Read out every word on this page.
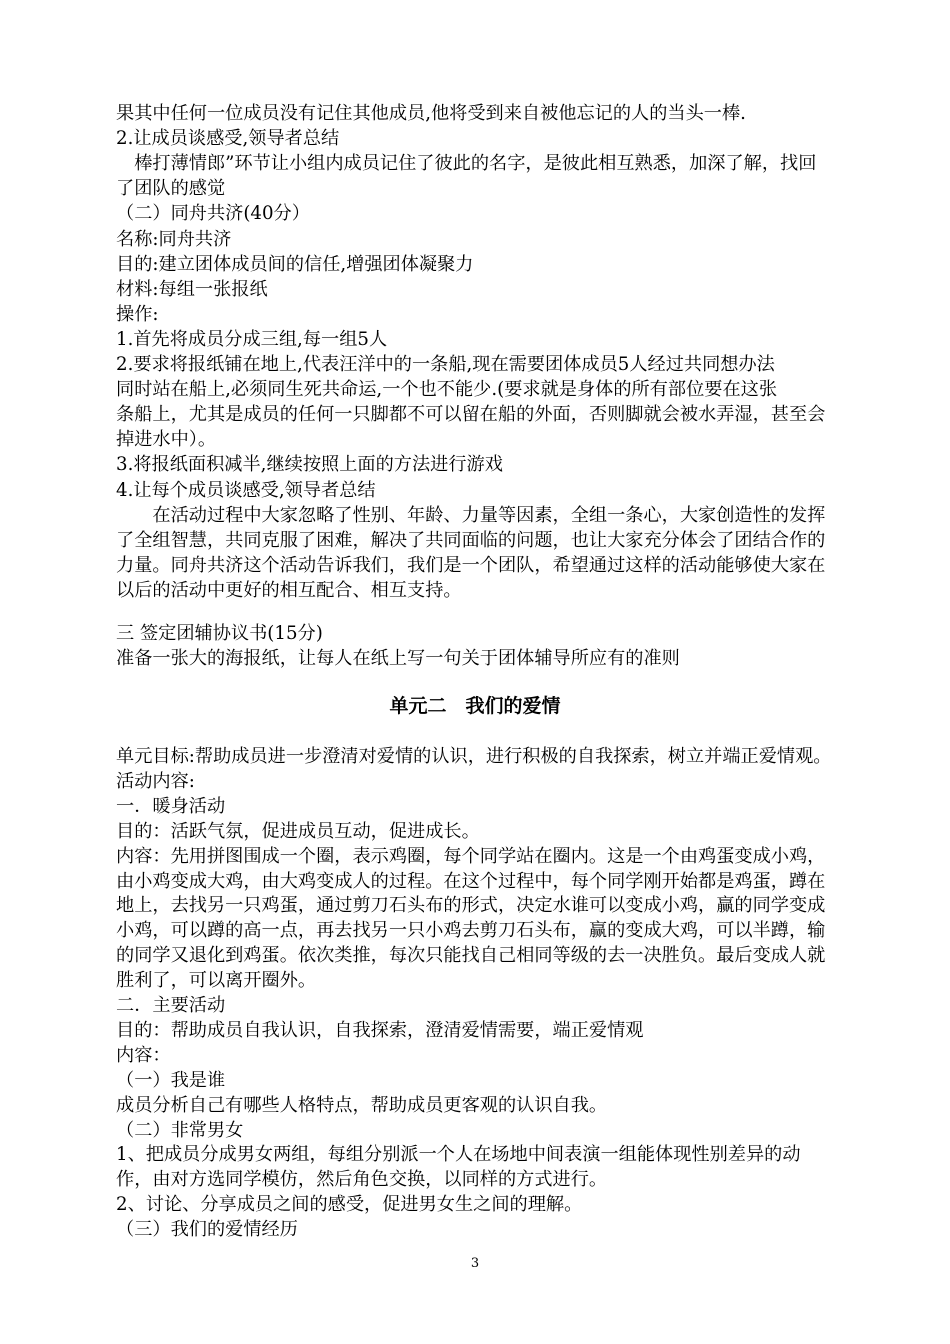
果其中任何一位成员没有记住其他成员,他将受到来自被他忘记的人的当头一棒.
2.让成员谈感受,领导者总结
　棒打薄情郎”环节让小组内成员记住了彼此的名字，是彼此相互熟悉，加深了解，找回
了团队的感觉
（二）同舟共济(40分）
名称:同舟共济
目的:建立团体成员间的信任,增强团体凝聚力
材料:每组一张报纸
操作:
1.首先将成员分成三组,每一组5人
2.要求将报纸铺在地上,代表汪洋中的一条船,现在需要团体成员5人经过共同想办法
同时站在船上,必须同生死共命运,一个也不能少.(要求就是身体的所有部位要在这张
条船上，尤其是成员的任何一只脚都不可以留在船的外面，否则脚就会被水弄湿，甚至会
掉进水中）。
3.将报纸面积减半,继续按照上面的方法进行游戏
4.让每个成员谈感受,领导者总结
　　在活动过程中大家忽略了性别、年龄、力量等因素，全组一条心，大家创造性的发挥
了全组智慧，共同克服了困难，解决了共同面临的问题，也让大家充分体会了团结合作的
力量。同舟共济这个活动告诉我们，我们是一个团队，希望通过这样的活动能够使大家在
以后的活动中更好的相互配合、相互支持。
三 签定团辅协议书(15分)
准备一张大的海报纸，让每人在纸上写一句关于团体辅导所应有的准则
单元二　我们的爱情
单元目标:帮助成员进一步澄清对爱情的认识，进行积极的自我探索，树立并端正爱情观。
活动内容:
一．暖身活动
目的：活跃气氛，促进成员互动，促进成长。
内容：先用拼图围成一个圈，表示鸡圈，每个同学站在圈内。这是一个由鸡蛋变成小鸡，
由小鸡变成大鸡，由大鸡变成人的过程。在这个过程中，每个同学刚开始都是鸡蛋，蹲在
地上，去找另一只鸡蛋，通过剪刀石头布的形式，决定水谁可以变成小鸡，赢的同学变成
小鸡，可以蹲的高一点，再去找另一只小鸡去剪刀石头布，赢的变成大鸡，可以半蹲，输
的同学又退化到鸡蛋。依次类推，每次只能找自己相同等级的去一决胜负。最后变成人就
胜利了，可以离开圈外。
二．主要活动
目的：帮助成员自我认识，自我探索，澄清爱情需要，端正爱情观
内容：
（一）我是谁
成员分析自己有哪些人格特点，帮助成员更客观的认识自我。
（二）非常男女
1、把成员分成男女两组，每组分别派一个人在场地中间表演一组能体现性别差异的动
作，由对方选同学模仿，然后角色交换，以同样的方式进行。
2、讨论、分享成员之间的感受，促进男女生之间的理解。
（三）我们的爱情经历
3
